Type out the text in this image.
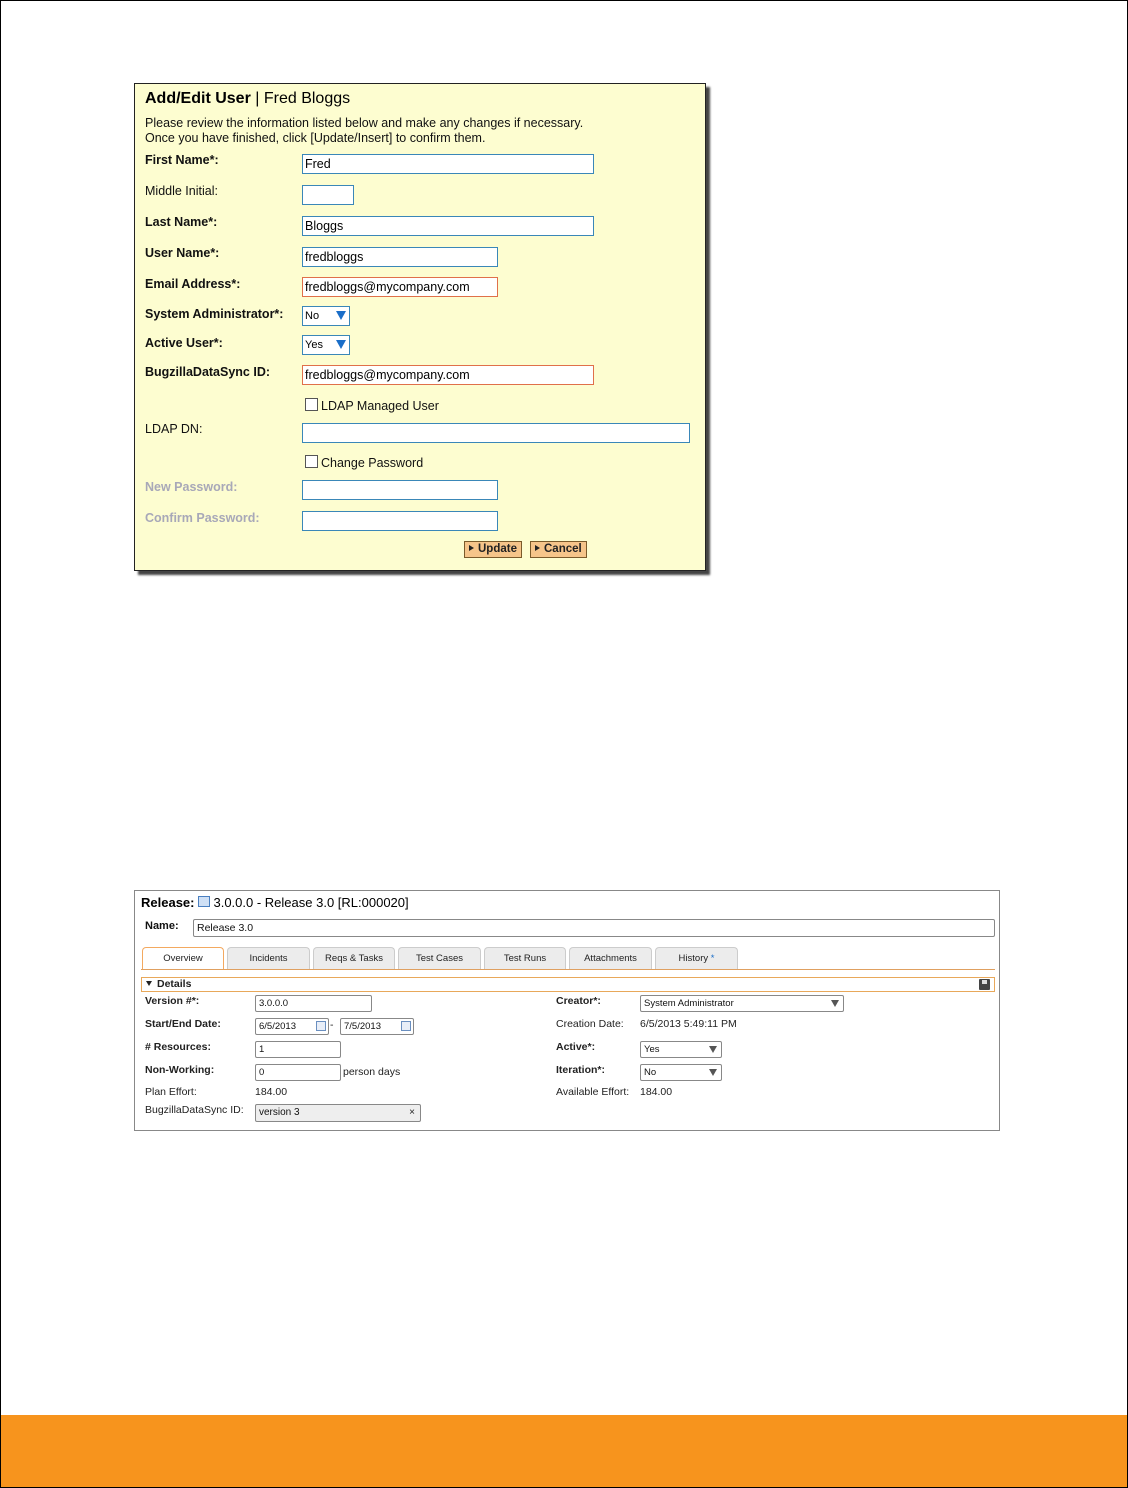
Add/Edit User | Fred Bloggs
Please review the information listed below and make any changes if necessary.
Once you have finished, click [Update/Insert] to confirm them.
First Name*:	Fred
Middle Initial:
Last Name*:	Bloggs
User Name*:	fredbloggs
Email Address*:	fredbloggs@mycompany.com
System Administrator*: No
Active User*:	Yes
BugzillaDataSync ID:	fredbloggs@mycompany.com
LDAP Managed User
LDAP DN:
Change Password
New Password:
Confirm Password:
Update	Cancel
Release: 3.0.0.0 - Release 3.0 [RL:000020]
Name:	Release 3.0
Overview	Incidents	Reqs & Tasks	Test Cases	Test Runs	Attachments	History *
Details
Version #*:	3.0.0.0
Start/End Date:	6/5/2013	-	7/5/2013
# Resources:	1
Non-Working:	0	person days
Plan Effort:	184.00
BugzillaDataSync ID:	version 3	×
Creator*:	System Administrator
Creation Date: 6/5/2013 5:49:11 PM
Active*:	Yes
Iteration*:	No
Available Effort: 184.00
